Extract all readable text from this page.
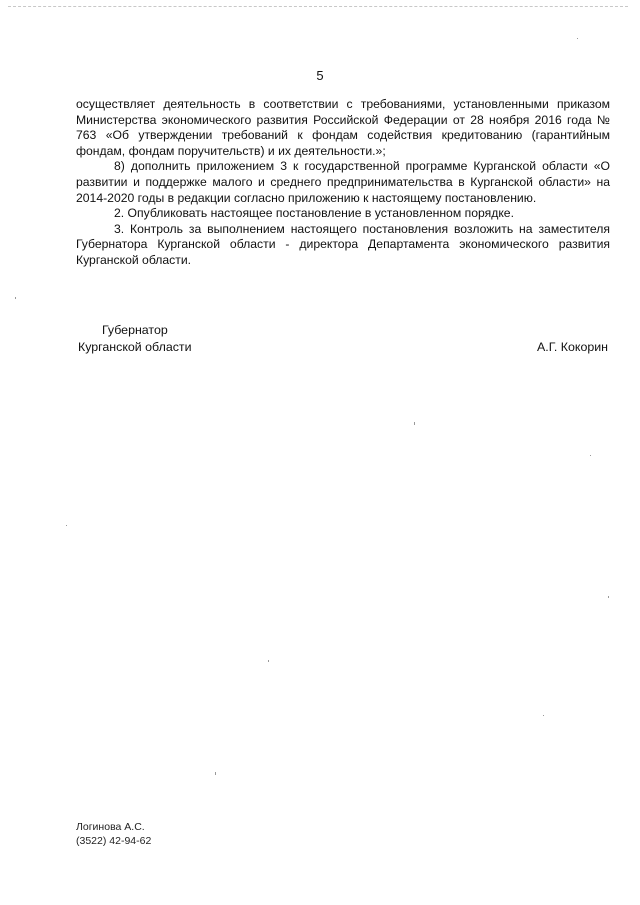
5

осуществляет деятельность в соответствии с требованиями, установленными приказом Министерства экономического развития Российской Федерации от 28 ноября 2016 года № 763 «Об утверждении требований к фондам содействия кредитованию (гарантийным фондам, фондам поручительств) и их деятельности.»;

8) дополнить приложением 3 к государственной программе Курганской области «О развитии и поддержке малого и среднего предпринимательства в Курганской области» на 2014-2020 годы в редакции согласно приложению к настоящему постановлению.

2. Опубликовать настоящее постановление в установленном порядке.

3. Контроль за выполнением настоящего постановления возложить на заместителя Губернатора Курганской области - директора Департамента экономического развития Курганской области.

Губернатор
Курганской области	А.Г. Кокорин
Логинова А.С.
(3522) 42-94-62
